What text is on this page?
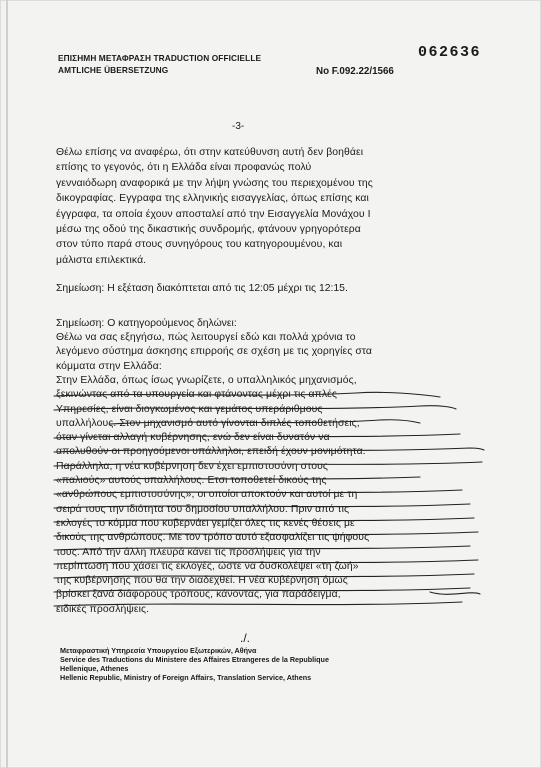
ΕΠΙΣΗΜΗ ΜΕΤΑΦΡΑΣΗ TRADUCTION OFFICIELLE
AMTLICHE ÜBERSETZUNG
062636
No F.092.22/1566
-3-
Θέλω επίσης να αναφέρω, ότι στην κατεύθυνση αυτή δεν βοηθάει
επίσης το γεγονός, ότι η Ελλάδα είναι προφανώς πολύ
γενναιόδωρη αναφορικά με την λήψη γνώσης του περιεχομένου της
δικογραφίας. Εγγραφα της ελληνικής εισαγγελίας, όπως επίσης και
έγγραφα, τα οποία έχουν αποσταλεί από την Εισαγγελία Μονάχου Ι
μέσω της οδού της δικαστικής συνδρομής, φτάνουν γρηγορότερα
στον τύπο παρά στους συνηγόρους του κατηγορουμένου, και
μάλιστα επιλεκτικά.
Σημείωση: Η εξέταση διακόπτεται από τις 12:05 μέχρι τις 12:15.
Σημείωση: Ο κατηγορούμενος δηλώνει:
Θέλω να σας εξηγήσω, πώς λειτουργεί εδώ και πολλά χρόνια το
λεγόμενο σύστημα άσκησης επιρροής σε σχέση με τις χορηγίες στα
κόμματα στην Ελλάδα:
Στην Ελλάδα, όπως ίσως γνωρίζετε, ο υπαλληλικός μηχανισμός,
ξεκινώντας από τα υπουργεία και φτάνοντας μέχρι τις απλές
Υπηρεσίες, είναι διογκωμένος και γεμάτος υπεράριθμους
υπαλλήλους. Στον μηχανισμό αυτό γίνονται διπλές τοποθετήσεις,
όταν γίνεται αλλαγή κυβέρνησης, ενώ δεν είναι δυνατόν να
απολυθούν οι προηγούμενοι υπάλληλοι, επειδή έχουν μονιμότητα.
Παράλληλα, η νέα κυβέρνηση δεν έχει εμπιστοσύνη στους
«παλιούς» αυτούς υπαλλήλους. Ετσι τοποθετεί δικούς της
«ανθρώπους εμπιστοσύνης», οι οποίοι αποκτούν και αυτοί με τη
σειρά τους την ιδιότητα του δημοσίου υπαλλήλου. Πριν από τις
εκλογές το κόμμα που κυβερνάει γεμίζει όλες τις κενές θέσεις με
δικούς της ανθρώπους. Με τον τρόπο αυτό εξασφαλίζει τις ψήφους
τους. Από την άλλη πλευρά κάνει τις προσλήψεις για την
περίπτωση που χάσει τις εκλογές, ώστε να δυσκολέψει «τη ζωή»
της κυβέρνησης που θα την διαδεχθεί. Η νέα κυβέρνηση όμως
βρίσκει ξανά διάφορους τρόπους, κάνοντας, για παράδειγμα,
ειδικές προσλήψεις.
./.
Μεταφραστική Υπηρεσία Υπουργείου Εξωτερικών, Αθήνα
Service des Traductions du Ministere des Affaires Etrangeres de la Republique
Hellenique, Athenes
Hellenic Republic, Ministry of Foreign Affairs, Translation Service, Athens
